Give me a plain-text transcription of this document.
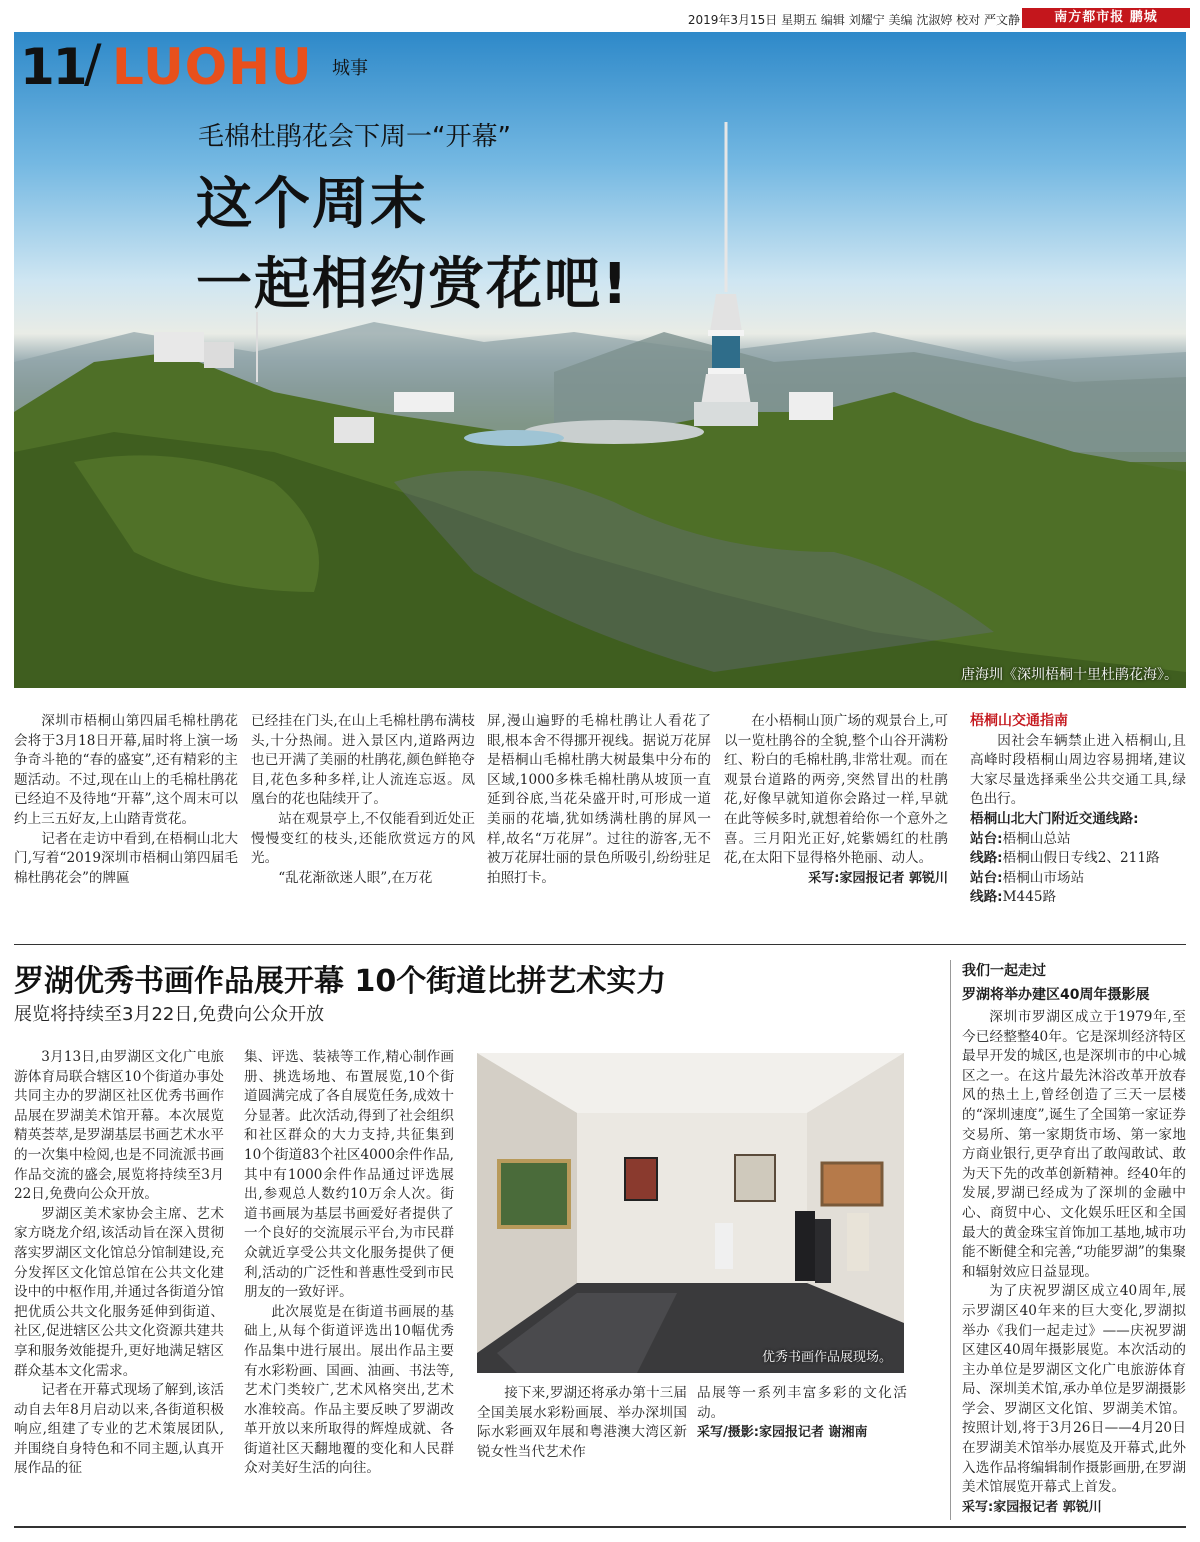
2019年3月15日 星期五 编辑 刘耀宁 美编 沈淑婷 校对 严文静	南方都市报 鹏城
11
/ LUOHU 城事
毛棉杜鹃花会下周一“开幕”
这个周末
一起相约赏花吧!
唐海圳《深圳梧桐十里杜鹃花海》。

深圳市梧桐山第四届毛棉杜鹃花会将于3月18日开幕,届时将上演一场争奇斗艳的“春的盛宴”,还有精彩的主题活动。不过,现在山上的毛棉杜鹃花已经迫不及待地“开幕”,这个周末可以约上三五好友,上山踏青赏花。

记者在走访中看到,在梧桐山北大门,写着“2019深圳市梧桐山第四届毛棉杜鹃花会”的牌匾

已经挂在门头,在山上毛棉杜鹃布满枝头,十分热闹。进入景区内,道路两边也已开满了美丽的杜鹃花,颜色鲜艳夺目,花色多种多样,让人流连忘返。凤凰台的花也陆续开了。

站在观景亭上,不仅能看到近处正慢慢变红的枝头,还能欣赏远方的风光。

“乱花渐欲迷人眼”,在万花

屏,漫山遍野的毛棉杜鹃让人看花了眼,根本舍不得挪开视线。据说万花屏是梧桐山毛棉杜鹃大树最集中分布的区域,1000多株毛棉杜鹃从坡顶一直延到谷底,当花朵盛开时,可形成一道美丽的花墙,犹如绣满杜鹃的屏风一样,故名“万花屏”。过往的游客,无不被万花屏壮丽的景色所吸引,纷纷驻足拍照打卡。

在小梧桐山顶广场的观景台上,可以一览杜鹃谷的全貌,整个山谷开满粉红、粉白的毛棉杜鹃,非常壮观。而在观景台道路的两旁,突然冒出的杜鹃花,好像早就知道你会路过一样,早就在此等候多时,就想着给你一个意外之喜。三月阳光正好,姹紫嫣红的杜鹃花,在太阳下显得格外艳丽、动人。

采写:家园报记者 郭锐川

梧桐山交通指南

因社会车辆禁止进入梧桐山,且高峰时段梧桐山周边容易拥堵,建议大家尽量选择乘坐公共交通工具,绿色出行。

梧桐山北大门附近交通线路:

站台:梧桐山总站

线路:梧桐山假日专线2、211路

站台:梧桐山市场站

线路:M445路

罗湖优秀书画作品展开幕 10个街道比拼艺术实力
展览将持续至3月22日,免费向公众开放

3月13日,由罗湖区文化广电旅游体育局联合辖区10个街道办事处共同主办的罗湖区社区优秀书画作品展在罗湖美术馆开幕。本次展览精英荟萃,是罗湖基层书画艺术水平的一次集中检阅,也是不同流派书画作品交流的盛会,展览将持续至3月22日,免费向公众开放。

罗湖区美术家协会主席、艺术家方晓龙介绍,该活动旨在深入贯彻落实罗湖区文化馆总分馆制建设,充分发挥区文化馆总馆在公共文化建设中的中枢作用,并通过各街道分馆把优质公共文化服务延伸到街道、社区,促进辖区公共文化资源共建共享和服务效能提升,更好地满足辖区群众基本文化需求。

记者在开幕式现场了解到,该活动自去年8月启动以来,各街道积极响应,组建了专业的艺术策展团队,并围绕自身特色和不同主题,认真开展作品的征

集、评选、装裱等工作,精心制作画册、挑选场地、布置展览,10个街道圆满完成了各自展览任务,成效十分显著。此次活动,得到了社会组织和社区群众的大力支持,共征集到10个街道83个社区4000余件作品,其中有1000余件作品通过评选展出,参观总人数约10万余人次。街道书画展为基层书画爱好者提供了一个良好的交流展示平台,为市民群众就近享受公共文化服务提供了便利,活动的广泛性和普惠性受到市民朋友的一致好评。

此次展览是在街道书画展的基础上,从每个街道评选出10幅优秀作品集中进行展出。展出作品主要有水彩粉画、国画、油画、书法等,艺术门类较广,艺术风格突出,艺术水准较高。作品主要反映了罗湖改革开放以来所取得的辉煌成就、各街道社区天翻地覆的变化和人民群众对美好生活的向往。

优秀书画作品展现场。

接下来,罗湖还将承办第十三届全国美展水彩粉画展、举办深圳国际水彩画双年展和粤港澳大湾区新锐女性当代艺术作

品展等一系列丰富多彩的文化活动。

采写/摄影:家园报记者 谢湘南

我们一起走过
罗湖将举办建区40周年摄影展

深圳市罗湖区成立于1979年,至今已经整整40年。它是深圳经济特区最早开发的城区,也是深圳市的中心城区之一。在这片最先沐浴改革开放春风的热土上,曾经创造了三天一层楼的“深圳速度”,诞生了全国第一家证券交易所、第一家期货市场、第一家地方商业银行,更孕育出了敢闯敢试、敢为天下先的改革创新精神。经40年的发展,罗湖已经成为了深圳的金融中心、商贸中心、文化娱乐旺区和全国最大的黄金珠宝首饰加工基地,城市功能不断健全和完善,“功能罗湖”的集聚和辐射效应日益显现。

为了庆祝罗湖区成立40周年,展示罗湖区40年来的巨大变化,罗湖拟举办《我们一起走过》——庆祝罗湖区建区40周年摄影展览。本次活动的主办单位是罗湖区文化广电旅游体育局、深圳美术馆,承办单位是罗湖摄影学会、罗湖区文化馆、罗湖美术馆。按照计划,将于3月26日——4月20日在罗湖美术馆举办展览及开幕式,此外入选作品将编辑制作摄影画册,在罗湖美术馆展览开幕式上首发。

采写:家园报记者 郭锐川
